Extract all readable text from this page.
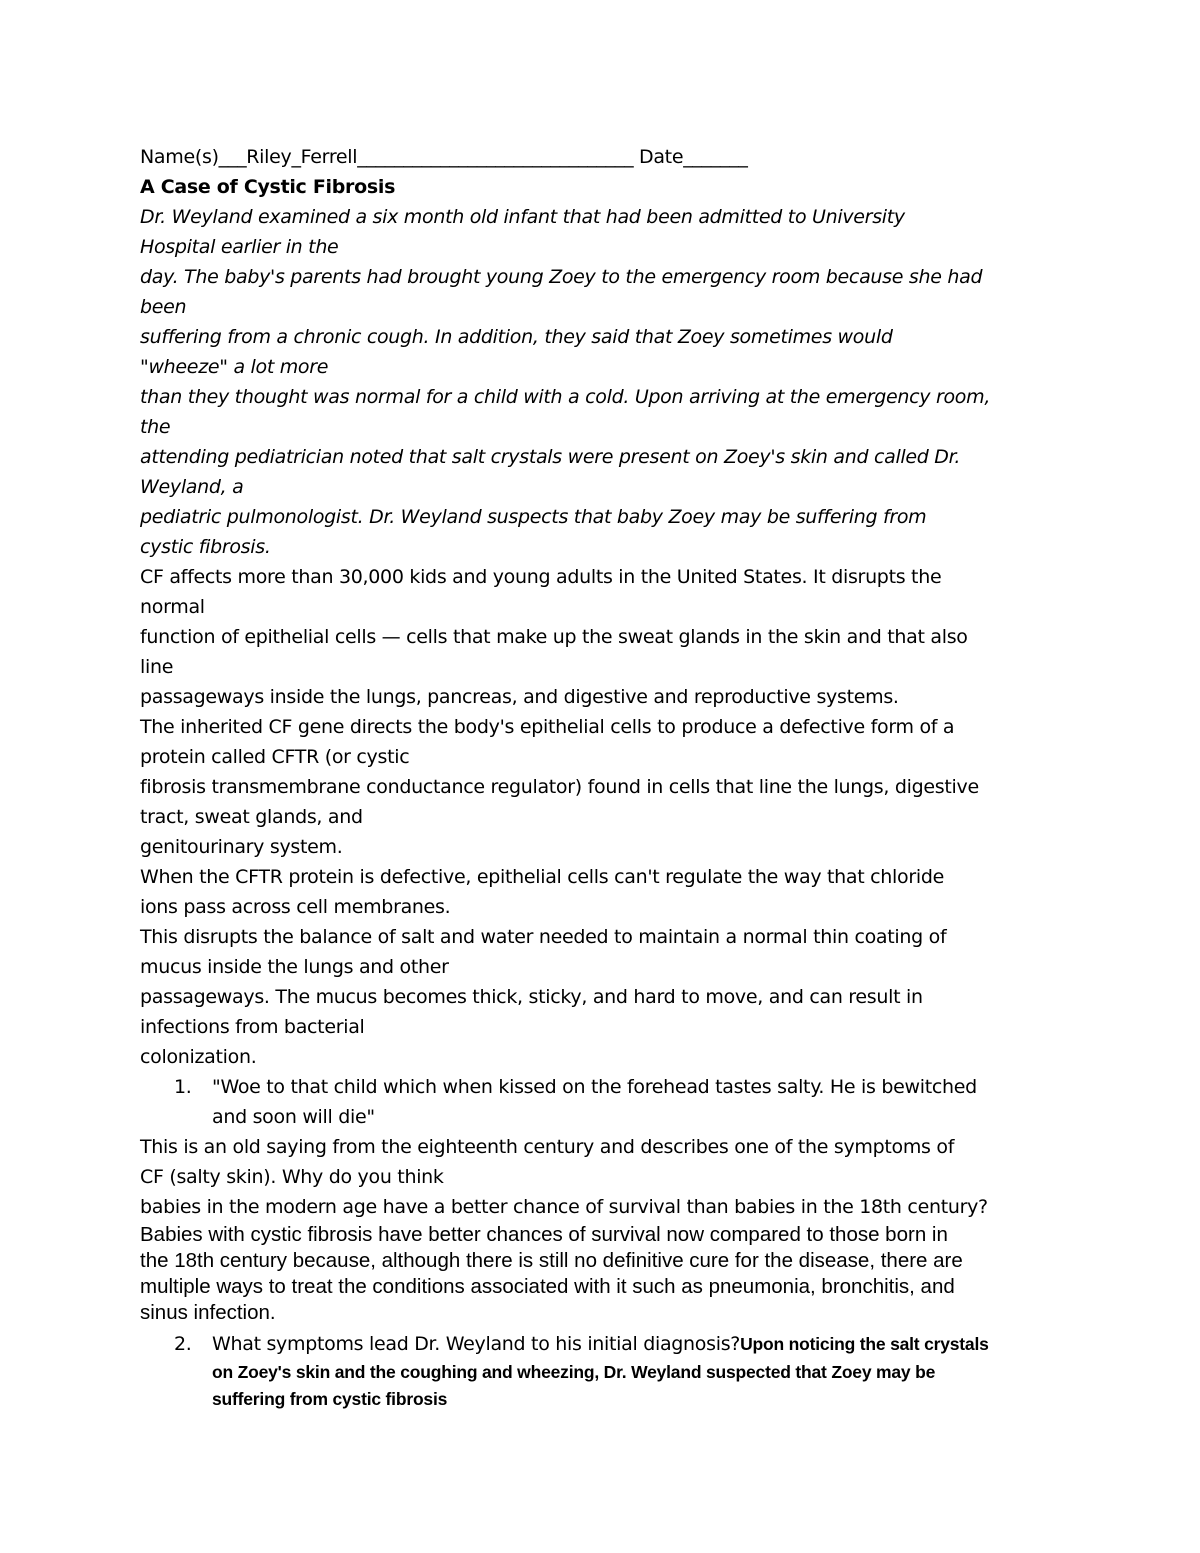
Name(s)___Riley_Ferrell______________________________ Date_______
A Case of Cystic Fibrosis
Dr. Weyland examined a six month old infant that had been admitted to University
Hospital earlier in the
day. The baby's parents had brought young Zoey to the emergency room because she had
been
suffering from a chronic cough. In addition, they said that Zoey sometimes would
"wheeze" a lot more
than they thought was normal for a child with a cold. Upon arriving at the emergency room,
the
attending pediatrician noted that salt crystals were present on Zoey's skin and called Dr.
Weyland, a
pediatric pulmonologist. Dr. Weyland suspects that baby Zoey may be suffering from
cystic fibrosis.
CF affects more than 30,000 kids and young adults in the United States. It disrupts the
normal
function of epithelial cells — cells that make up the sweat glands in the skin and that also
line
passageways inside the lungs, pancreas, and digestive and reproductive systems.
The inherited CF gene directs the body's epithelial cells to produce a defective form of a
protein called CFTR (or cystic
fibrosis transmembrane conductance regulator) found in cells that line the lungs, digestive
tract, sweat glands, and
genitourinary system.
When the CFTR protein is defective, epithelial cells can't regulate the way that chloride
ions pass across cell membranes.
This disrupts the balance of salt and water needed to maintain a normal thin coating of
mucus inside the lungs and other
passageways. The mucus becomes thick, sticky, and hard to move, and can result in
infections from bacterial
colonization.
1. "Woe to that child which when kissed on the forehead tastes salty. He is bewitched
and soon will die"
This is an old saying from the eighteenth century and describes one of the symptoms of
CF (salty skin). Why do you think
babies in the modern age have a better chance of survival than babies in the 18th century?
Babies with cystic fibrosis have better chances of survival now compared to those born in
the 18th century because, although there is still no definitive cure for the disease, there are
multiple ways to treat the conditions associated with it such as pneumonia, bronchitis, and
sinus infection.
2. What symptoms lead Dr. Weyland to his initial diagnosis?Upon noticing the salt crystals
on Zoey's skin and the coughing and wheezing, Dr. Weyland suspected that Zoey may be
suffering from cystic fibrosis
